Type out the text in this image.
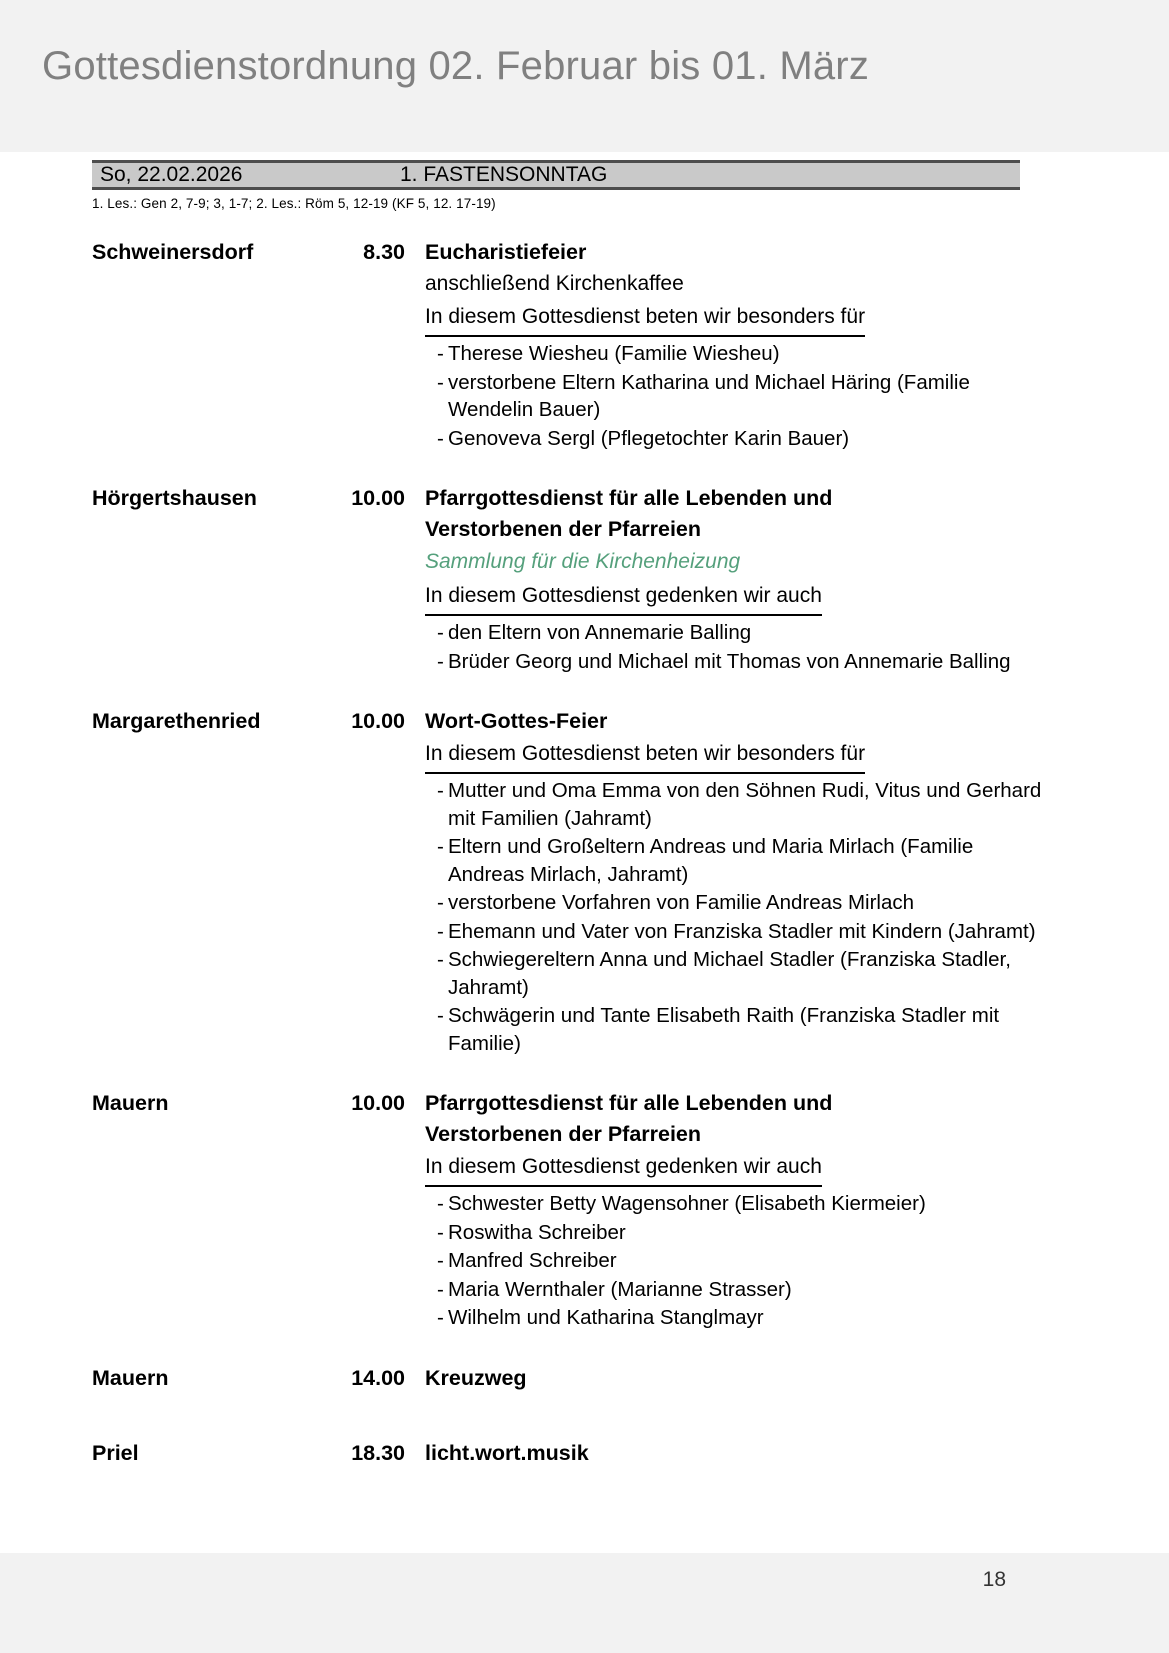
Gottesdienstordnung 02. Februar bis 01. März
So, 22.02.2026	1. FASTENSONNTAG
1. Les.: Gen 2, 7-9; 3, 1-7; 2. Les.: Röm 5, 12-19 (KF 5, 12. 17-19)
Schweinersdorf	8.30 Eucharistiefeier
anschließend Kirchenkaffee
In diesem Gottesdienst beten wir besonders für
- Therese Wiesheu (Familie Wiesheu)
- verstorbene Eltern Katharina und Michael Häring (Familie Wendelin Bauer)
- Genoveva Sergl (Pflegetochter Karin Bauer)
Hörgertshausen	10.00 Pfarrgottesdienst für alle Lebenden und Verstorbenen der Pfarreien
Sammlung für die Kirchenheizung
In diesem Gottesdienst gedenken wir auch
- den Eltern von Annemarie Balling
- Brüder Georg und Michael mit Thomas von Annemarie Balling
Margarethenried	10.00 Wort-Gottes-Feier
In diesem Gottesdienst beten wir besonders für
- Mutter und Oma Emma von den Söhnen Rudi, Vitus und Gerhard mit Familien (Jahramt)
- Eltern und Großeltern Andreas und Maria Mirlach (Familie Andreas Mirlach, Jahramt)
- verstorbene Vorfahren von Familie Andreas Mirlach
- Ehemann und Vater von Franziska Stadler mit Kindern (Jahramt)
- Schwiegereltern Anna und Michael Stadler (Franziska Stadler, Jahramt)
- Schwägerin und Tante Elisabeth Raith (Franziska Stadler mit Familie)
Mauern	10.00 Pfarrgottesdienst für alle Lebenden und Verstorbenen der Pfarreien
In diesem Gottesdienst gedenken wir auch
- Schwester Betty Wagensohner (Elisabeth Kiermeier)
- Roswitha Schreiber
- Manfred Schreiber
- Maria Wernthaler (Marianne Strasser)
- Wilhelm und Katharina Stanglmayr
Mauern	14.00 Kreuzweg
Priel	18.30 licht.wort.musik
18
